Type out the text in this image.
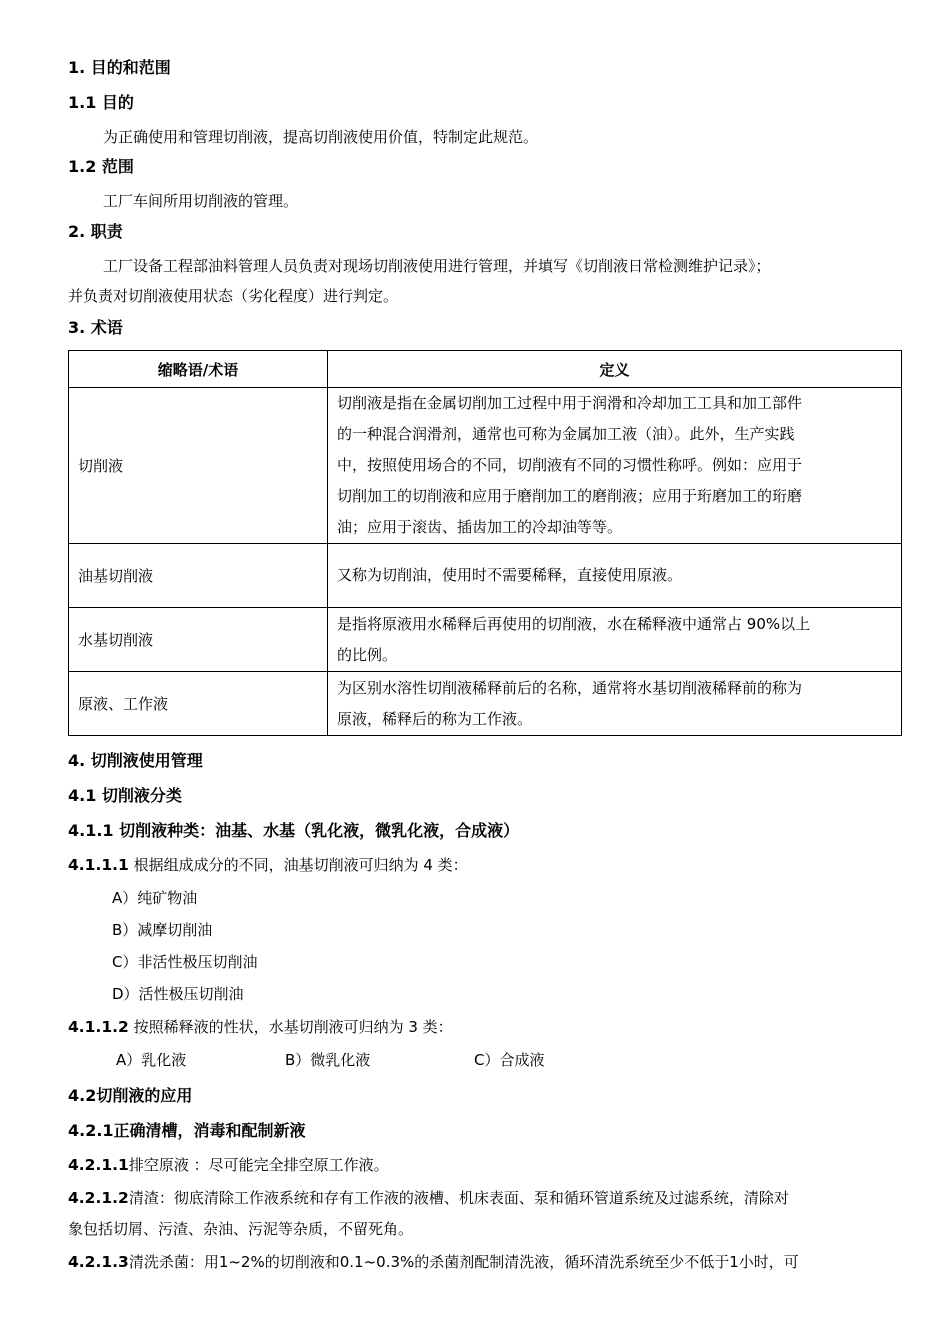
1. 目的和范围
1.1 目的
为正确使用和管理切削液，提高切削液使用价值，特制定此规范。
1.2 范围
工厂车间所用切削液的管理。
2. 职责
工厂设备工程部油料管理人员负责对现场切削液使用进行管理，并填写《切削液日常检测维护记录》；
并负责对切削液使用状态（劣化程度）进行判定。
3. 术语
缩略语/术语	定义
切削液	切削液是指在金属切削加工过程中用于润滑和冷却加工工具和加工部件
的一种混合润滑剂，通常也可称为金属加工液（油）。此外，生产实践
中，按照使用场合的不同，切削液有不同的习惯性称呼。例如：应用于
切削加工的切削液和应用于磨削加工的磨削液；应用于珩磨加工的珩磨
油；应用于滚齿、插齿加工的冷却油等等。

油基切削液	又称为切削油，使用时不需要稀释，直接使用原液。

水基切削液	是指将原液用水稀释后再使用的切削液，水在稀释液中通常占 90%以上
的比例。

原液、工作液	为区别水溶性切削液稀释前后的名称，通常将水基切削液稀释前的称为
原液，稀释后的称为工作液。
4. 切削液使用管理
4.1 切削液分类
4.1.1 切削液种类：油基、水基（乳化液，微乳化液，合成液）
4.1.1.1 根据组成成分的不同，油基切削液可归纳为 4 类：
A）纯矿物油
B）减摩切削油
C）非活性极压切削油
D）活性极压切削油
4.1.1.2 按照稀释液的性状，水基切削液可归纳为 3 类：
A）乳化液	B）微乳化液	C）合成液
4.2切削液的应用
4.2.1正确清槽，消毒和配制新液
4.2.1.1排空原液 ：尽可能完全排空原工作液。
4.2.1.2清渣：彻底清除工作液系统和存有工作液的液槽、机床表面、泵和循环管道系统及过滤系统，清除对
象包括切屑、污渣、杂油、污泥等杂质，不留死角。
4.2.1.3清洗杀菌：用1~2%的切削液和0.1~0.3%的杀菌剂配制清洗液，循环清洗系统至少不低于1小时，可
